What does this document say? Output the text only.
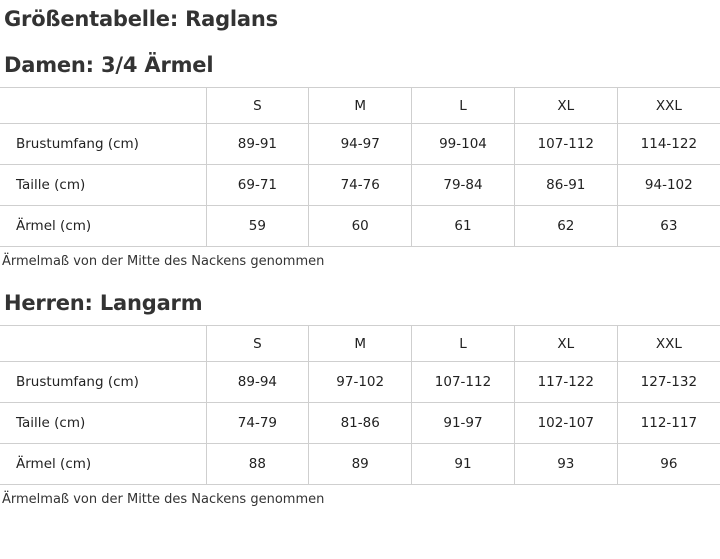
Größentabelle: Raglans
Damen: 3/4 Ärmel
	S	M	L	XL	XXL
Brustumfang (cm)	89-91	94-97	99-104	107-112	114-122
Taille (cm)	69-71	74-76	79-84	86-91	94-102
Ärmel (cm)	59	60	61	62	63
Ärmelmaß von der Mitte des Nackens genommen
Herren: Langarm
	S	M	L	XL	XXL
Brustumfang (cm)	89-94	97-102	107-112	117-122	127-132
Taille (cm)	74-79	81-86	91-97	102-107	112-117
Ärmel (cm)	88	89	91	93	96
Ärmelmaß von der Mitte des Nackens genommen
